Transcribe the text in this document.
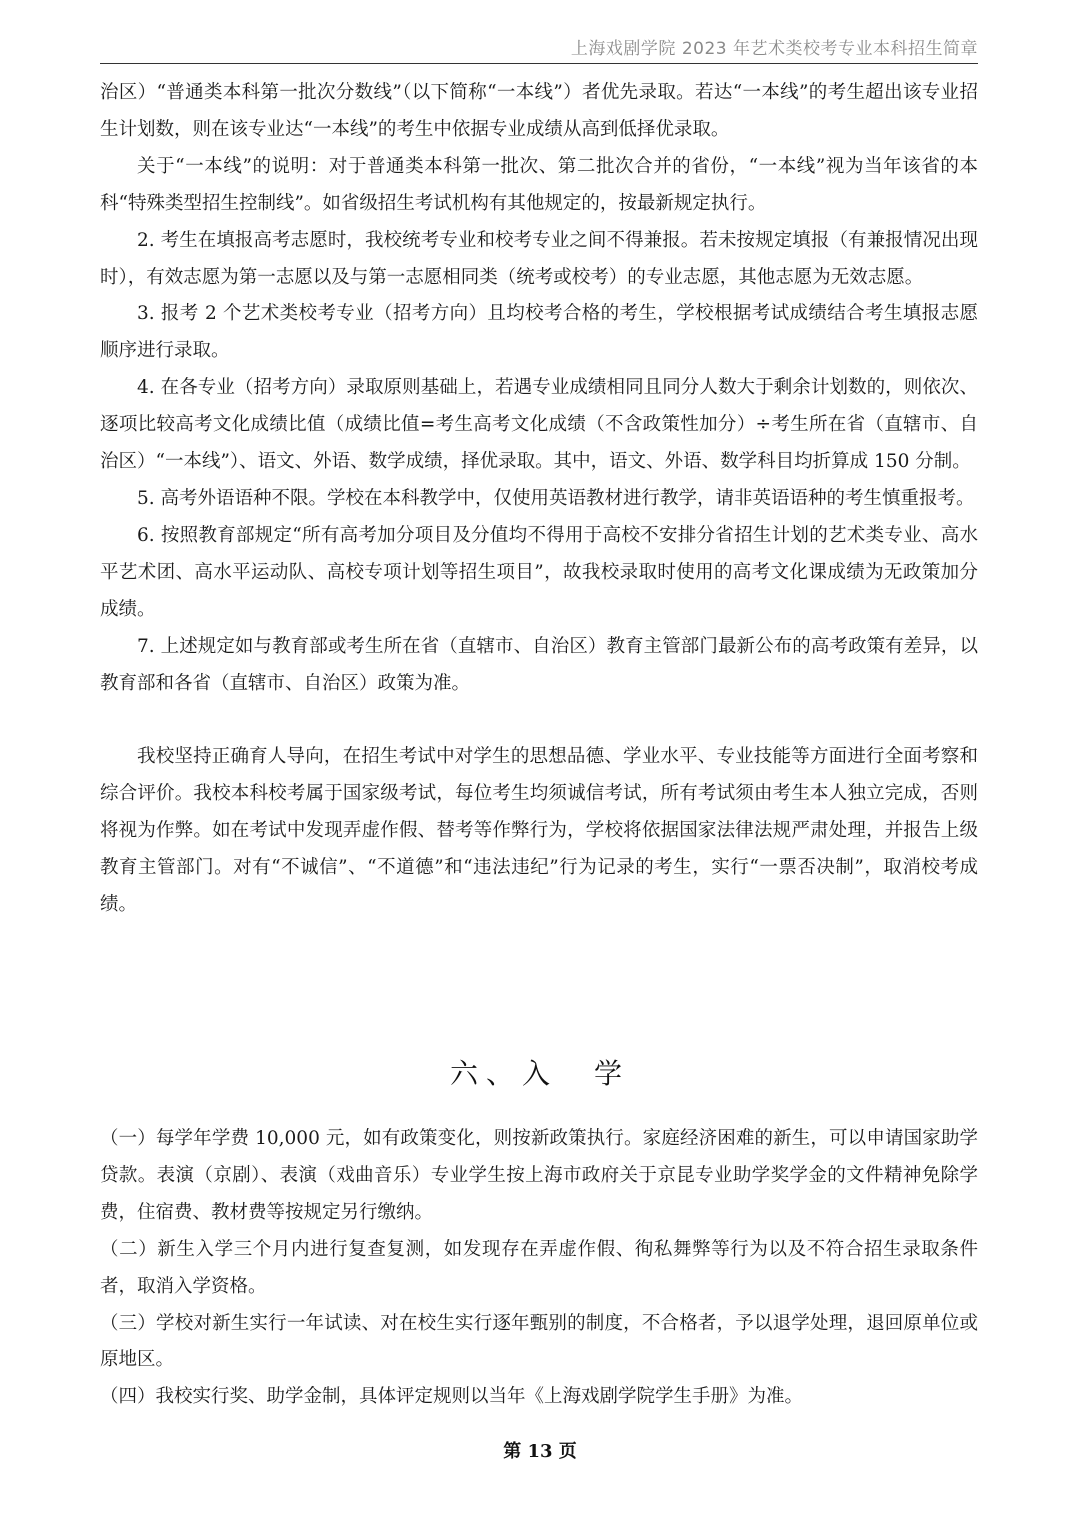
上海戏剧学院 2023 年艺术类校考专业本科招生简章

治区）“普通类本科第一批次分数线”（以下简称“一本线”）者优先录取。若达“一本线”的考生超出该专业招生计划数，则在该专业达“一本线”的考生中依据专业成绩从高到低择优录取。

关于“一本线”的说明：对于普通类本科第一批次、第二批次合并的省份，“一本线”视为当年该省的本科“特殊类型招生控制线”。如省级招生考试机构有其他规定的，按最新规定执行。

2. 考生在填报高考志愿时，我校统考专业和校考专业之间不得兼报。若未按规定填报（有兼报情况出现时），有效志愿为第一志愿以及与第一志愿相同类（统考或校考）的专业志愿，其他志愿为无效志愿。

3. 报考 2 个艺术类校考专业（招考方向）且均校考合格的考生，学校根据考试成绩结合考生填报志愿顺序进行录取。

4. 在各专业（招考方向）录取原则基础上，若遇专业成绩相同且同分人数大于剩余计划数的，则依次、逐项比较高考文化成绩比值（成绩比值=考生高考文化成绩（不含政策性加分）÷考生所在省（直辖市、自治区）“一本线”）、语文、外语、数学成绩，择优录取。其中，语文、外语、数学科目均折算成 150 分制。

5. 高考外语语种不限。学校在本科教学中，仅使用英语教材进行教学，请非英语语种的考生慎重报考。

6. 按照教育部规定“所有高考加分项目及分值均不得用于高校不安排分省招生计划的艺术类专业、高水平艺术团、高水平运动队、高校专项计划等招生项目”，故我校录取时使用的高考文化课成绩为无政策加分成绩。

7. 上述规定如与教育部或考生所在省（直辖市、自治区）教育主管部门最新公布的高考政策有差异，以教育部和各省（直辖市、自治区）政策为准。

我校坚持正确育人导向，在招生考试中对学生的思想品德、学业水平、专业技能等方面进行全面考察和综合评价。我校本科校考属于国家级考试，每位考生均须诚信考试，所有考试须由考生本人独立完成，否则将视为作弊。如在考试中发现弄虚作假、替考等作弊行为，学校将依据国家法律法规严肃处理，并报告上级教育主管部门。对有“不诚信”、“不道德”和“违法违纪”行为记录的考生，实行“一票否决制”，取消校考成绩。

六、入　学

（一）每学年学费 10,000 元，如有政策变化，则按新政策执行。家庭经济困难的新生，可以申请国家助学贷款。表演（京剧）、表演（戏曲音乐）专业学生按上海市政府关于京昆专业助学奖学金的文件精神免除学费，住宿费、教材费等按规定另行缴纳。

（二）新生入学三个月内进行复查复测，如发现存在弄虚作假、徇私舞弊等行为以及不符合招生录取条件者，取消入学资格。

（三）学校对新生实行一年试读、对在校生实行逐年甄别的制度，不合格者，予以退学处理，退回原单位或原地区。

（四）我校实行奖、助学金制，具体评定规则以当年《上海戏剧学院学生手册》为准。

第 13 页
